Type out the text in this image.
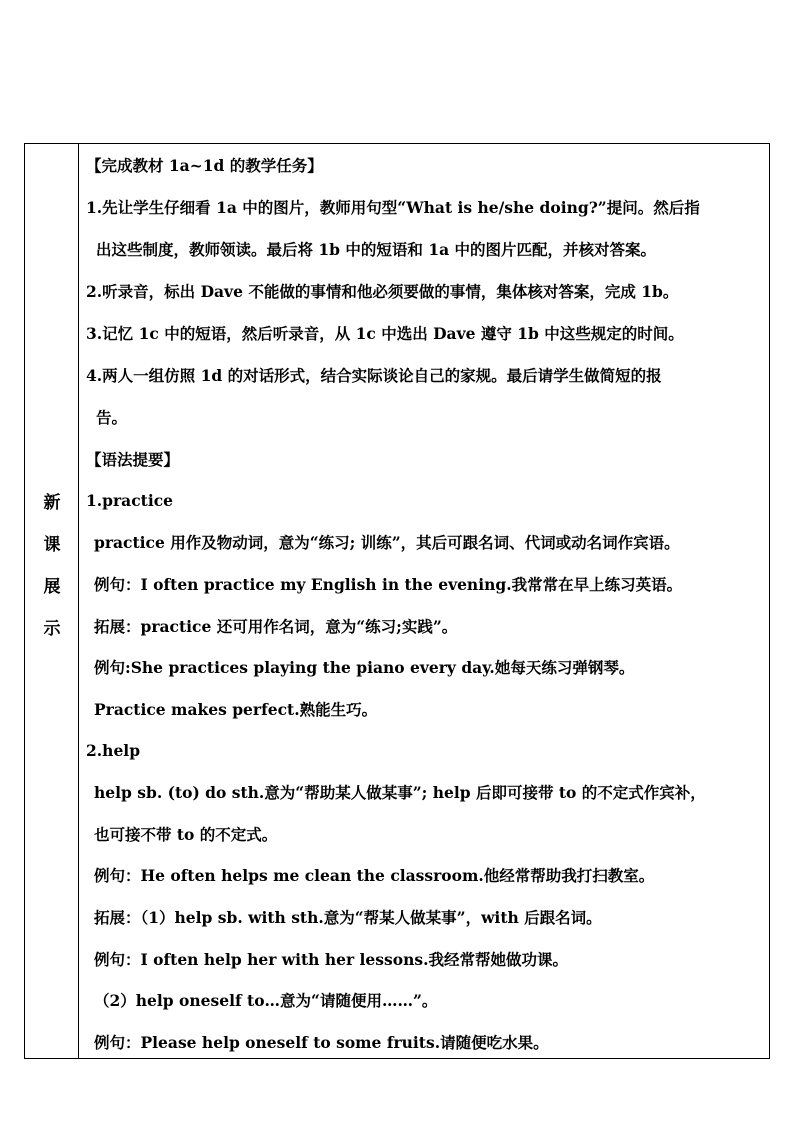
新
课
展
示
【完成教材 1a~1d 的教学任务】
1.先让学生仔细看 1a 中的图片，教师用句型“What is he/she doing?”提问。然后指
出这些制度，教师领读。最后将 1b 中的短语和 1a 中的图片匹配，并核对答案。
2.听录音，标出 Dave 不能做的事情和他必须要做的事情，集体核对答案，完成 1b。
3.记忆 1c 中的短语，然后听录音，从 1c 中选出 Dave 遵守 1b 中这些规定的时间。
4.两人一组仿照 1d 的对话形式，结合实际谈论自己的家规。最后请学生做简短的报
告。
【语法提要】
1.practice
practice 用作及物动词，意为“练习; 训练”，其后可跟名词、代词或动名词作宾语。
例句：I often practice my English in the evening.我常常在早上练习英语。
拓展：practice 还可用作名词，意为“练习;实践”。
例句:She practices playing the piano every day.她每天练习弹钢琴。
Practice makes perfect.熟能生巧。
2.help
help sb. (to) do sth.意为“帮助某人做某事”; help 后即可接带 to 的不定式作宾补，
也可接不带 to 的不定式。
例句：He often helps me clean the classroom.他经常帮助我打扫教室。
拓展：（1）help sb. with sth.意为“帮某人做某事”，with 后跟名词。
例句：I often help her with her lessons.我经常帮她做功课。
（2）help oneself to…意为“请随便用……”。
例句：Please help oneself to some fruits.请随便吃水果。
